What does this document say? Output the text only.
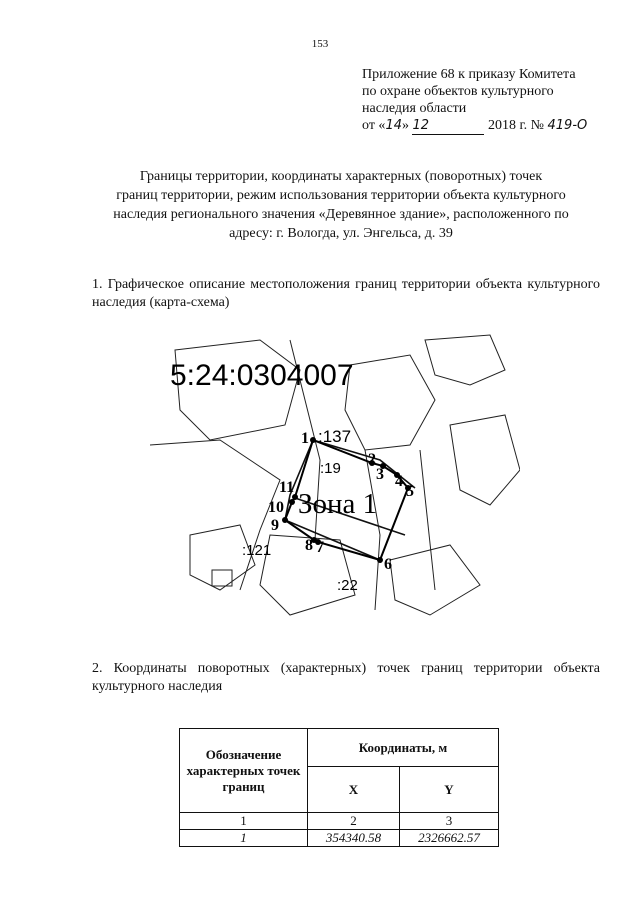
153
Приложение 68 к приказу Комитета
по охране объектов культурного
наследия области
от «14» 12	2018 г. № 419-О
Границы территории, координаты характерных (поворотных) точек
границ территории, режим использования территории объекта культурного
наследия регионального значения «Деревянное здание», расположенного по
адресу: г. Вологда, ул. Энгельса, д. 39
1. Графическое описание местоположения границ территории объекта культурного наследия (карта-схема)
5:24:0304007
:137
:19
:121
:22
Зона 1
1
2
3 4
5
6
7
8
9
10
11
2. Координаты поворотных (характерных) точек границ территории объекта культурного наследия
Обозначение характерных точек границ	Координаты, м	
	X	Y
1	2	3
1	354340.58	2326662.57
